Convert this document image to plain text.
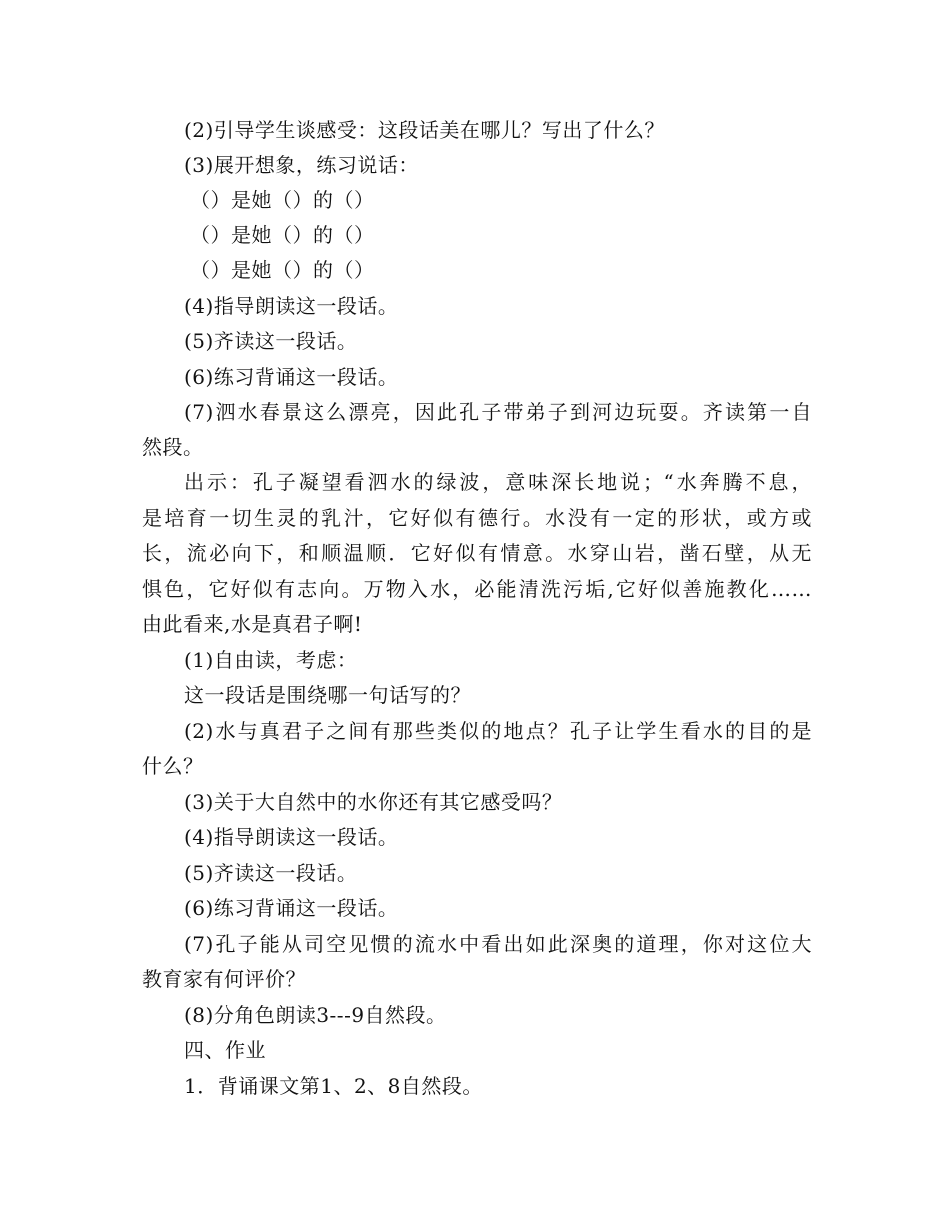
(2)引导学生谈感受：这段话美在哪儿？写出了什么？
(3)展开想象，练习说话：
（）是她（）的（）
（）是她（）的（）
（）是她（）的（）
(4)指导朗读这一段话。
(5)齐读这一段话。
(6)练习背诵这一段话。
(7)泗水春景这么漂亮，因此孔子带弟子到河边玩耍。齐读第一自
然段。
出示：孔子凝望看泗水的绿波，意味深长地说；“水奔腾不息，
是培育一切生灵的乳汁，它好似有德行。水没有一定的形状，或方或
长，流必向下，和顺温顺．它好似有情意。水穿山岩，凿石壁，从无
惧色，它好似有志向。万物入水，必能清洗污垢,它好似善施教化……
由此看来,水是真君子啊!
(1)自由读，考虑：
这一段话是围绕哪一句话写的？
(2)水与真君子之间有那些类似的地点？孔子让学生看水的目的是
什么？
(3)关于大自然中的水你还有其它感受吗？
(4)指导朗读这一段话。
(5)齐读这一段话。
(6)练习背诵这一段话。
(7)孔子能从司空见惯的流水中看出如此深奥的道理，你对这位大
教育家有何评价？
(8)分角色朗读3---9自然段。
四、作业
1．背诵课文第1、2、8自然段。
